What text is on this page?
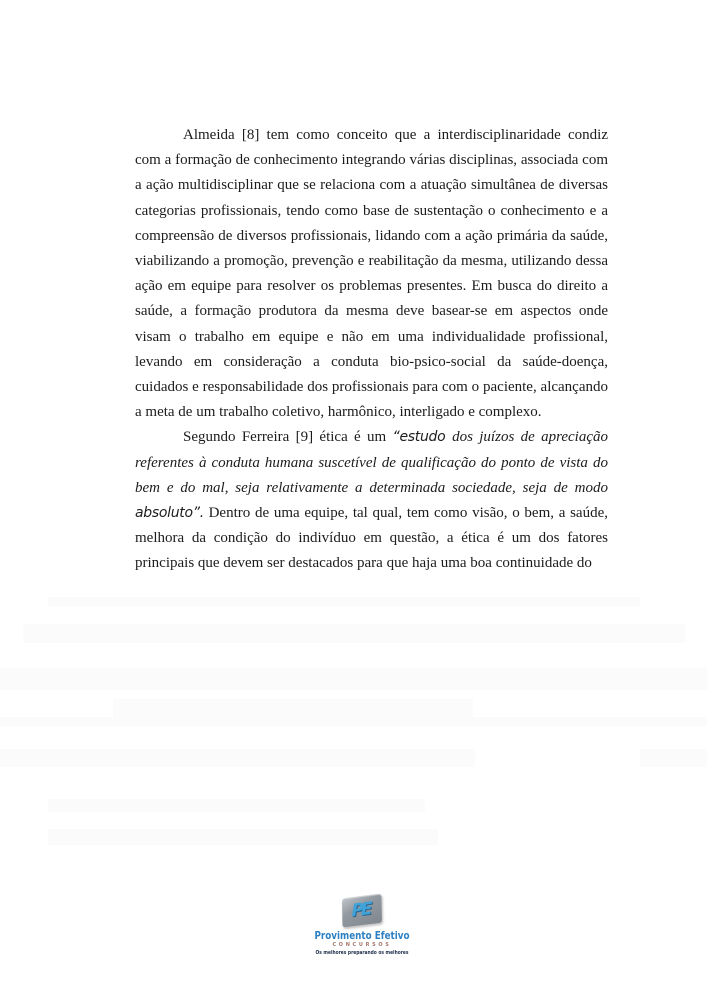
Almeida [8] tem como conceito que a interdisciplinaridade condiz com a formação de conhecimento integrando várias disciplinas, associada com a ação multidisciplinar que se relaciona com a atuação simultânea de diversas categorias profissionais, tendo como base de sustentação o conhecimento e a compreensão de diversos profissionais, lidando com a ação primária da saúde, viabilizando a promoção, prevenção e reabilitação da mesma, utilizando dessa ação em equipe para resolver os problemas presentes. Em busca do direito a saúde, a formação produtora da mesma deve basear-se em aspectos onde visam o trabalho em equipe e não em uma individualidade profissional, levando em consideração a conduta bio-psico-social da saúde-doença, cuidados e responsabilidade dos profissionais para com o paciente, alcançando a meta de um trabalho coletivo, harmônico, interligado e complexo.

Segundo Ferreira [9] ética é um “estudo dos juízos de apreciação referentes à conduta humana suscetível de qualificação do ponto de vista do bem e do mal, seja relativamente a determinada sociedade, seja de modo absoluto”. Dentro de uma equipe, tal qual, tem como visão, o bem, a saúde, melhora da condição do indivíduo em questão, a ética é um dos fatores principais que devem ser destacados para que haja uma boa continuidade do

PE
Provimento Efetivo
CONCURSOS
Os melhores preparando os melhores
